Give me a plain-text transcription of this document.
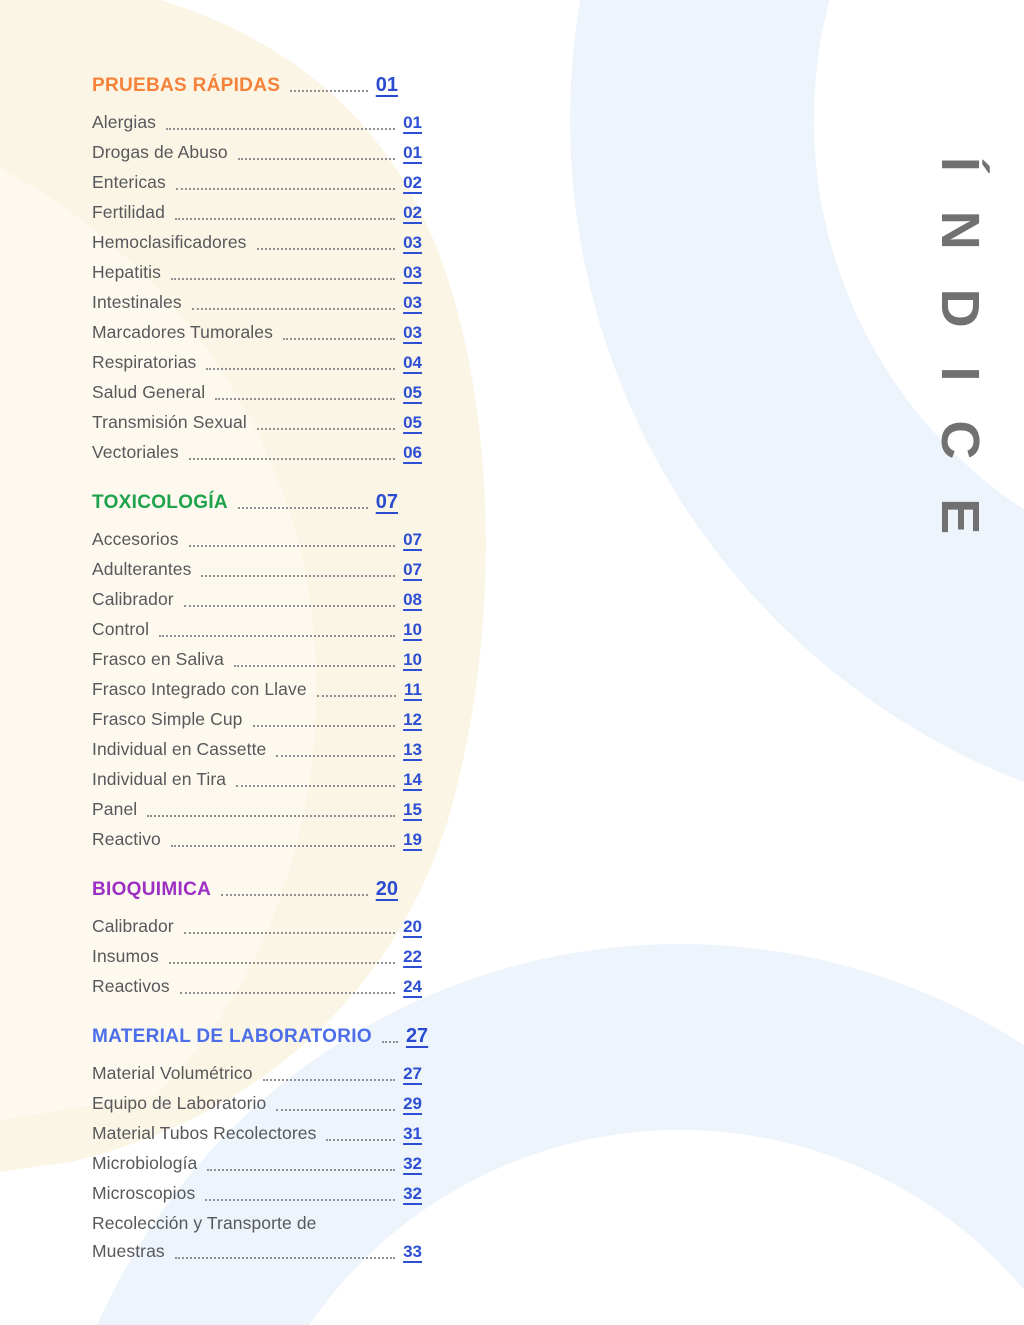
PRUEBAS RÁPIDAS	01
Alergias	01
Drogas de Abuso	01
Entericas	02
Fertilidad	02
Hemoclasificadores	03
Hepatitis	03
Intestinales	03
Marcadores Tumorales	03
Respiratorias	04
Salud General	05
Transmisión Sexual	05
Vectoriales	06
TOXICOLOGÍA	07
Accesorios	07
Adulterantes	07
Calibrador	08
Control	10
Frasco en Saliva	10
Frasco Integrado con Llave	11
Frasco Simple Cup	12
Individual en Cassette	13
Individual en Tira	14
Panel	15
Reactivo	19
BIOQUIMICA	20
Calibrador	20
Insumos	22
Reactivos	24
MATERIAL DE LABORATORIO 27
Material Volumétrico	27
Equipo de Laboratorio	29
Material Tubos Recolectores	31
Microbiología	32
Microscopios	32
Recolección y Transporte de
Muestras	33
ÍNDICE
